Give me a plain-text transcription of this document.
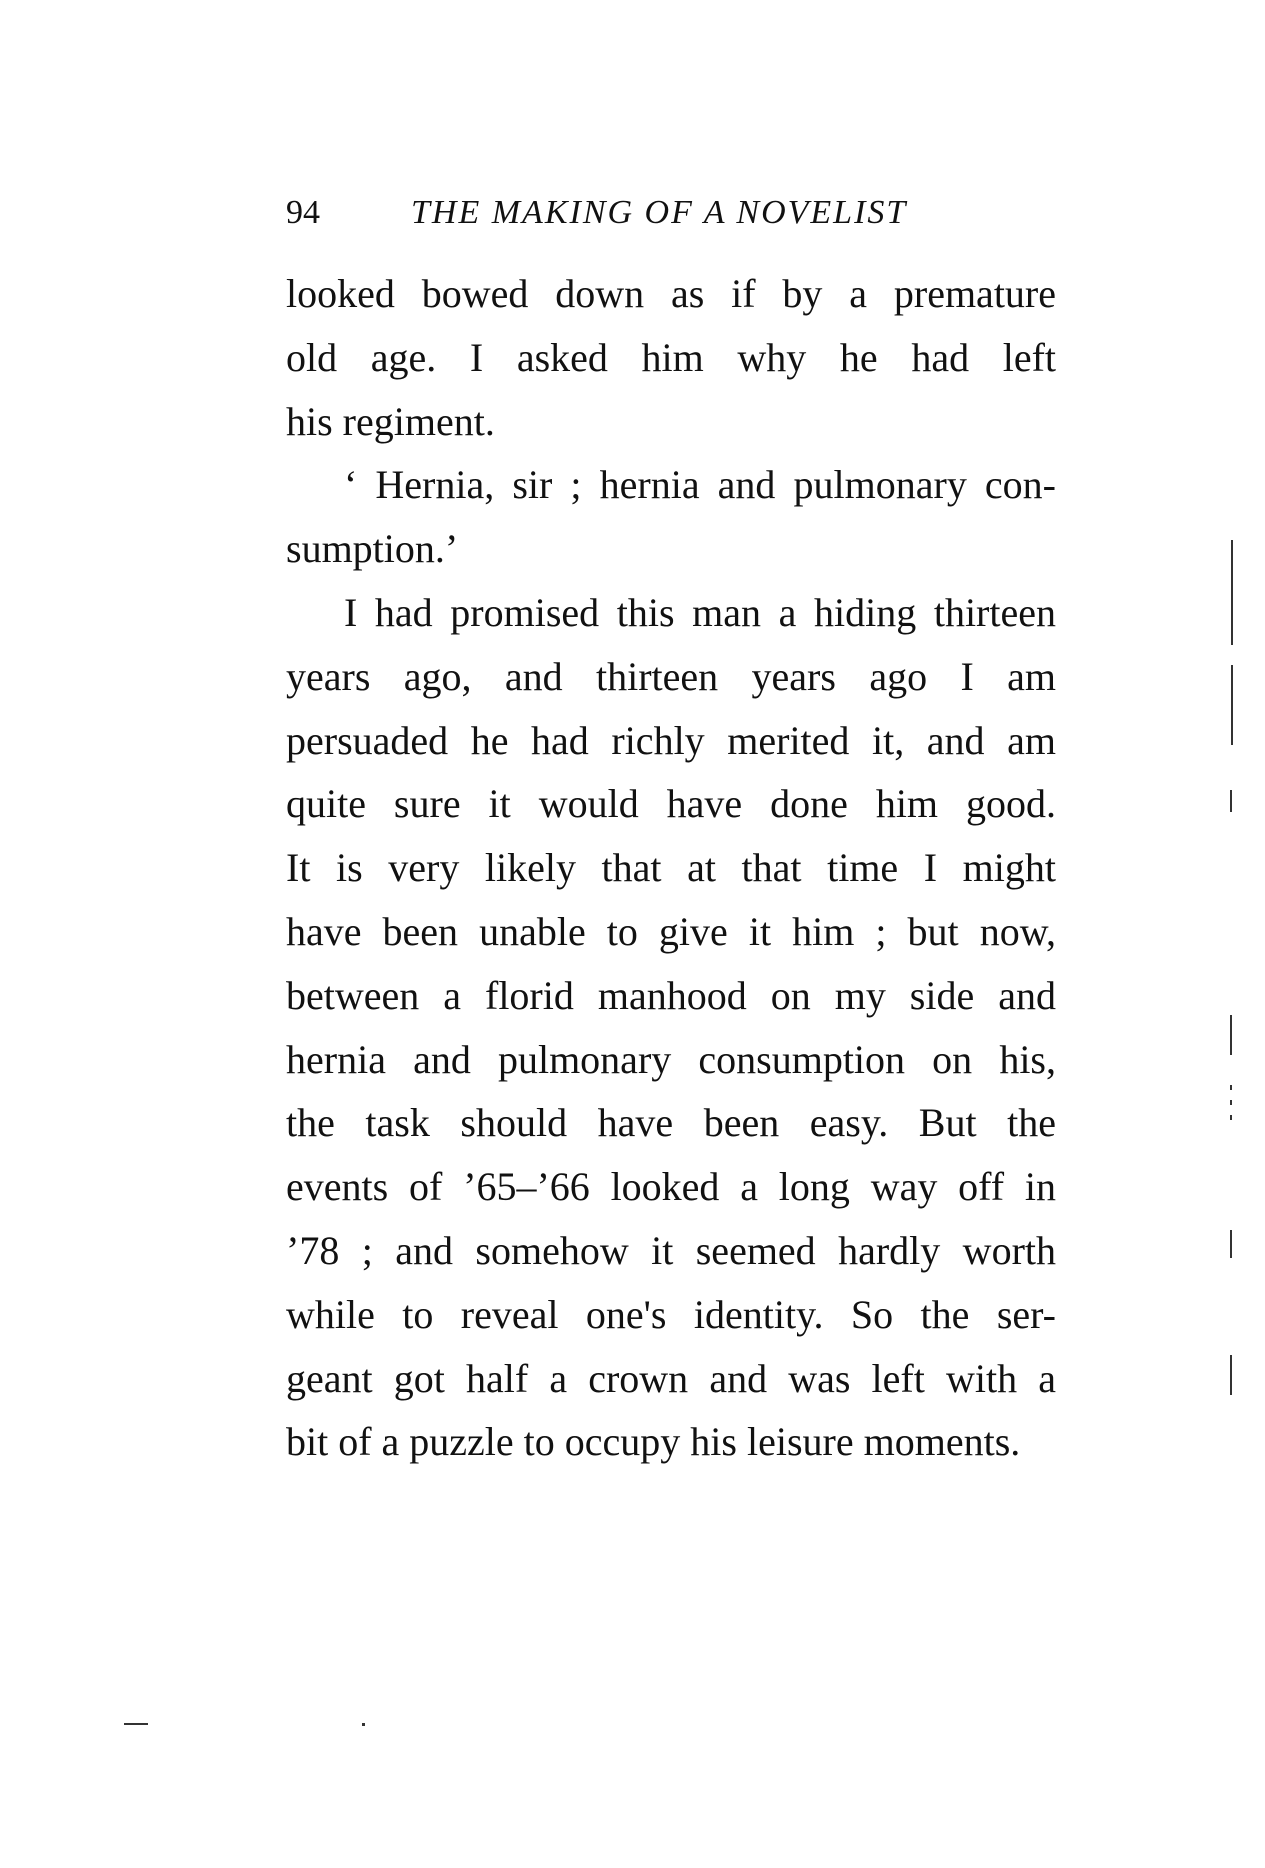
94	THE MAKING OF A NOVELIST
looked bowed down as if by a premature
old age. I asked him why he had left
his regiment.
‘ Hernia, sir ; hernia and pulmonary con-
sumption.’
I had promised this man a hiding thirteen
years ago, and thirteen years ago I am
persuaded he had richly merited it, and am
quite sure it would have done him good.
It is very likely that at that time I might
have been unable to give it him ; but now,
between a florid manhood on my side and
hernia and pulmonary consumption on his,
the task should have been easy. But the
events of ’65–’66 looked a long way off in
’78 ; and somehow it seemed hardly worth
while to reveal one's identity. So the ser-
geant got half a crown and was left with a
bit of a puzzle to occupy his leisure moments.
